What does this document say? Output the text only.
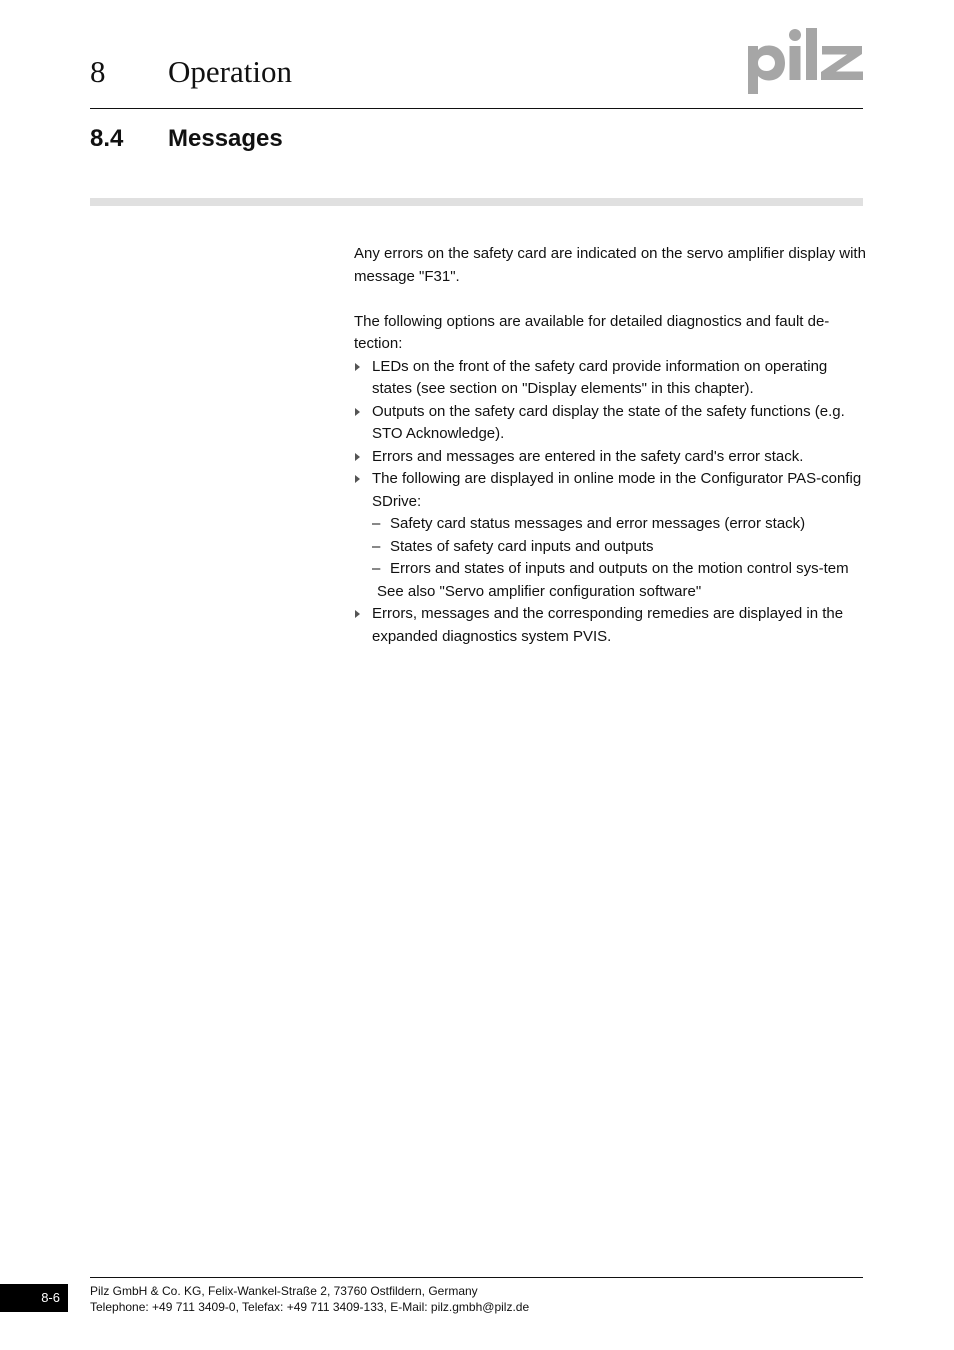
8 Operation
8.4 Messages

Any errors on the safety card are indicated on the servo amplifier display with message "F31".

The following options are available for detailed diagnostics and fault de-tection:

LEDs on the front of the safety card provide information on operating states (see section on "Display elements" in this chapter).
Outputs on the safety card display the state of the safety functions (e.g. STO Acknowledge).
Errors and messages are entered in the safety card's error stack.
The following are displayed in online mode in the Configurator PAS-config SDrive:
– Safety card status messages and error messages (error stack)
– States of safety card inputs and outputs
– Errors and states of inputs and outputs on the motion control sys-tem
See also "Servo amplifier configuration software"
Errors, messages and the corresponding remedies are displayed in the expanded diagnostics system PVIS.
8-6	Pilz GmbH & Co. KG, Felix-Wankel-Straße 2, 73760 Ostfildern, Germany
Telephone: +49 711 3409-0, Telefax: +49 711 3409-133, E-Mail: pilz.gmbh@pilz.de
